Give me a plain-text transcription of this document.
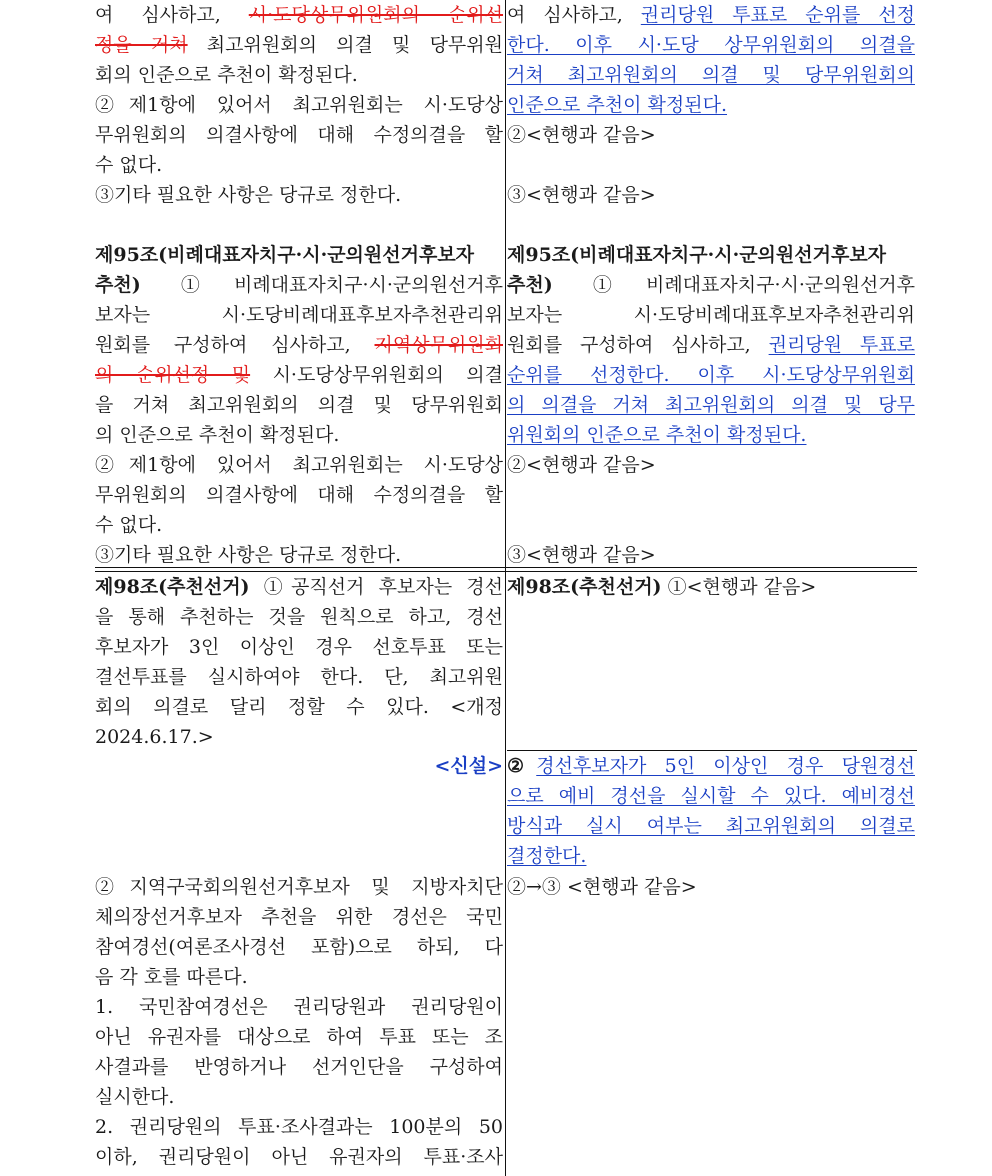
여 심사하고, 시·도당상무위원회의 순위선
정을 거쳐 최고위원회의 의결 및 당무위원
회의 인준으로 추천이 확정된다.
②제1항에 있어서 최고위원회는 시·도당상
무위원회의 의결사항에 대해 수정의결을 할
수 없다.
③기타 필요한 사항은 당규로 정한다.
제95조(비례대표자치구·시·군의원선거후보자
추천) ①비례대표자치구·시·군의원선거후
보자는 시·도당비례대표후보자추천관리위
원회를 구성하여 심사하고, 지역상무위원회
의 순위선정 및 시·도당상무위원회의 의결
을 거쳐 최고위원회의 의결 및 당무위원회
의 인준으로 추천이 확정된다.
②제1항에 있어서 최고위원회는 시·도당상
무위원회의 의결사항에 대해 수정의결을 할
수 없다.
③기타 필요한 사항은 당규로 정한다.
제98조(추천선거) ①공직선거 후보자는 경선
을 통해 추천하는 것을 원칙으로 하고, 경선
후보자가 3인 이상인 경우 선호투표 또는
결선투표를 실시하여야 한다. 단, 최고위원
회의 의결로 달리 정할 수 있다. <개정
2024.6.17.>
<신설>
②지역구국회의원선거후보자 및 지방자치단
체의장선거후보자 추천을 위한 경선은 국민
참여경선(여론조사경선 포함)으로 하되, 다
음 각 호를 따른다.
1. 국민참여경선은 권리당원과 권리당원이
아닌 유권자를 대상으로 하여 투표 또는 조
사결과를 반영하거나 선거인단을 구성하여
실시한다.
2. 권리당원의 투표·조사결과는 100분의 50
이하, 권리당원이 아닌 유권자의 투표·조사
여 심사하고, 권리당원 투표로 순위를 선정
한다. 이후 시·도당 상무위원회의 의결을
거쳐 최고위원회의 의결 및 당무위원회의
인준으로 추천이 확정된다.
②<현행과 같음>
③<현행과 같음>
제95조(비례대표자치구·시·군의원선거후보자
추천) ①비례대표자치구·시·군의원선거후
보자는 시·도당비례대표후보자추천관리위
원회를 구성하여 심사하고, 권리당원 투표로
순위를 선정한다. 이후 시·도당상무위원회
의 의결을 거쳐 최고위원회의 의결 및 당무
위원회의 인준으로 추천이 확정된다.
②<현행과 같음>
③<현행과 같음>
제98조(추천선거) ①<현행과 같음>
②경선후보자가 5인 이상인 경우 당원경선
으로 예비 경선을 실시할 수 있다. 예비경선
방식과 실시 여부는 최고위원회의 의결로
결정한다.
②→③ <현행과 같음>
